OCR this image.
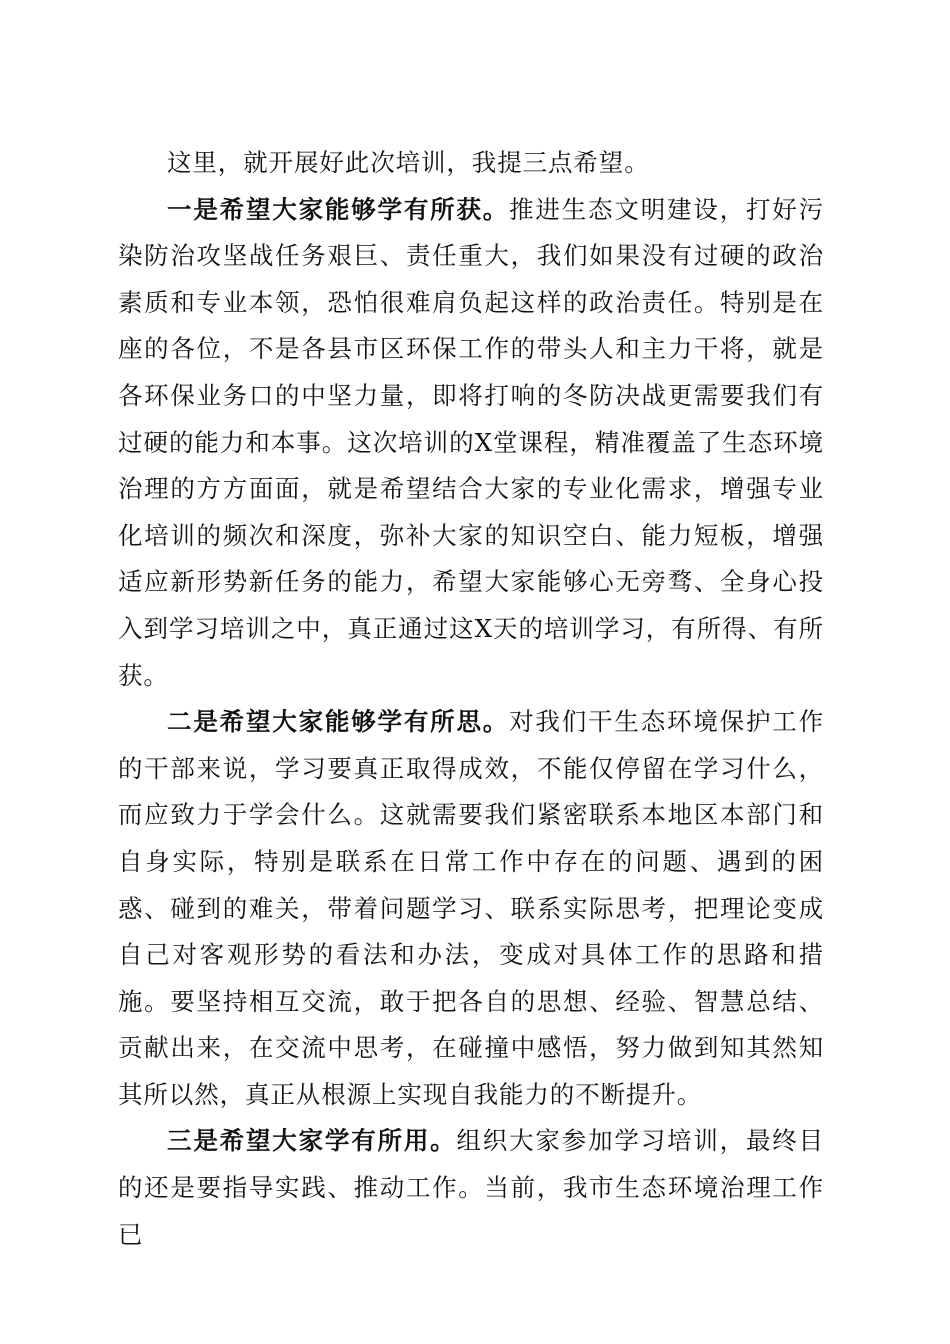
这里，就开展好此次培训，我提三点希望。

一是希望大家能够学有所获。推进生态文明建设，打好污染防治攻坚战任务艰巨、责任重大，我们如果没有过硬的政治素质和专业本领，恐怕很难肩负起这样的政治责任。特别是在座的各位，不是各县市区环保工作的带头人和主力干将，就是各环保业务口的中坚力量，即将打响的冬防决战更需要我们有过硬的能力和本事。这次培训的X堂课程，精准覆盖了生态环境治理的方方面面，就是希望结合大家的专业化需求，增强专业化培训的频次和深度，弥补大家的知识空白、能力短板，增强适应新形势新任务的能力，希望大家能够心无旁骛、全身心投入到学习培训之中，真正通过这X天的培训学习，有所得、有所获。

二是希望大家能够学有所思。对我们干生态环境保护工作的干部来说，学习要真正取得成效，不能仅停留在学习什么，而应致力于学会什么。这就需要我们紧密联系本地区本部门和自身实际，特别是联系在日常工作中存在的问题、遇到的困惑、碰到的难关，带着问题学习、联系实际思考，把理论变成自己对客观形势的看法和办法，变成对具体工作的思路和措施。要坚持相互交流，敢于把各自的思想、经验、智慧总结、贡献出来，在交流中思考，在碰撞中感悟，努力做到知其然知其所以然，真正从根源上实现自我能力的不断提升。

三是希望大家学有所用。组织大家参加学习培训，最终目的还是要指导实践、推动工作。当前，我市生态环境治理工作已
